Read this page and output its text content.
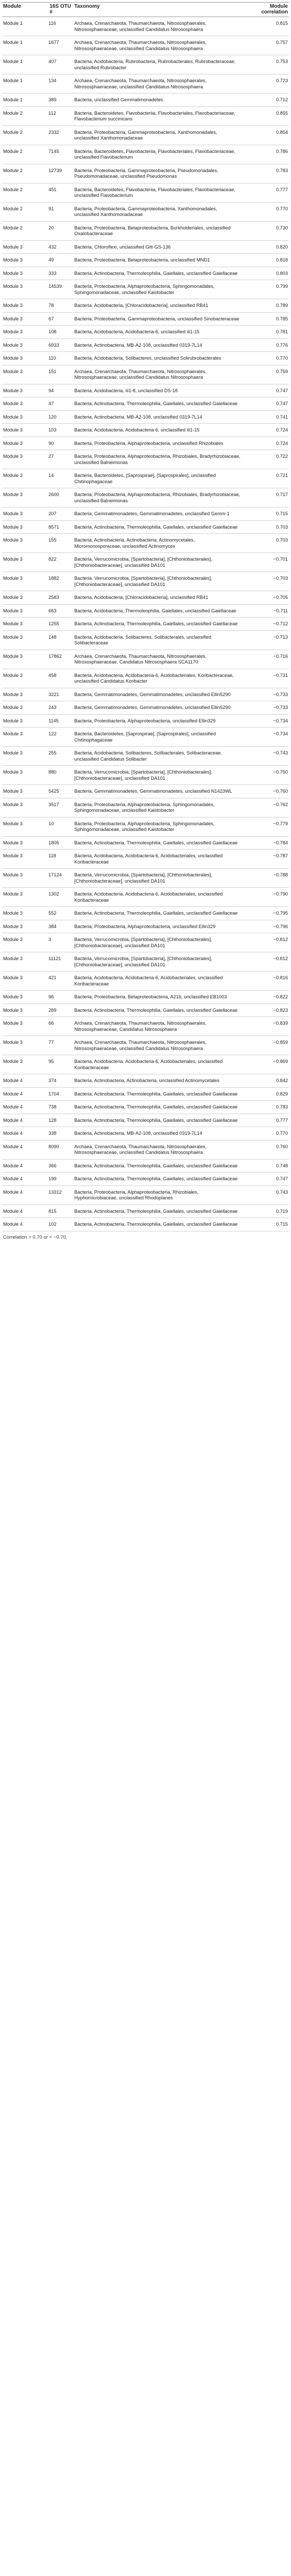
Module	16S OTU #	Taxonomy	Module correlation
Module 1	116	Archaea, Crenarchaeota, Thaumarchaeota, Nitrososphaerales, Nitrososphaeraceae, unclassified Candidatus Nitrososphaera	0.815
Module 1	1677	Archaea, Crenarchaeota, Thaumarchaeota, Nitrososphaerales, Nitrososphaeraceae, unclassified Candidatus Nitrososphaera	0.757
Module 1	407	Bacteria, Acidobacteria, Rubrobacteria, Rubrobacterales, Rubrobacteraceae, unclassified Rubrobacter	0.753
Module 1	134	Archaea, Crenarchaeota, Thaumarchaeota, Nitrososphaerales, Nitrososphaeraceae, unclassified Candidatus Nitrososphaera	0.723
Module 1	389	Bacteria, unclassified Gemmatimonadetes	0.712
Module 2	112	Bacteria, Bacteroidetes, Flavobacteriia, Flavobacteriales, Flavobacteriaceae, Flavobacterium succinicans	0.855
Module 2	2332	Bacteria, Proteobacteria, Gammaproteobacteria, Xanthomonadales, unclassified Xanthomonadaceae	0.854
Module 2	7145	Bacteria, Bacteroidetes, Flavobacteriia, Flavobacteriales, Flavobacteriaceae, unclassified Flavobacterium	0.786
Module 2	12739	Bacteria, Proteobacteria, Gammaproteobacteria, Pseudomonadales, Pseudomonadaceae, unclassified Pseudomonas	0.783
Module 2	451	Bacteria, Bacteroidetes, Flavobacteriia, Flavobacteriales, Flavobacteriaceae, unclassified Flavobacterium	0.777
Module 2	91	Bacteria, Proteobacteria, Gammaproteobacteria, Xanthomonadales, unclassified Xanthomonadaceae	0.770
Module 2	20	Bacteria, Proteobacteria, Betaproteobacteria, Burkholderiales, unclassified Oxalobacteraceae	0.730
Module 3	432	Bacteria, Chloroflexi, unclassified Gitt-GS-136	0.820
Module 3	49	Bacteria, Proteobacteria, Betaproteobacteria, unclassified MND1	0.818
Module 3	333	Bacteria, Actinobacteria, Thermoleophilia, Gaiellales, unclassified Gaiellaceae	0.803
Module 3	14539	Bacteria, Proteobacteria, Alphaproteobacteria, Sphingomonadales, Sphingomonadaceae, unclassified Kaistobacter	0.799
Module 3	78	Bacteria, Acidobacteria, [Chloracidobacteria], unclassified RB41	0.789
Module 3	67	Bacteria, Proteobacteria, Gammaproteobacteria, unclassified Sinobacteraceae	0.785
Module 3	108	Bacteria, Acidobacteria, Acidobacteria-6, unclassified iii1-15	0.781
Module 3	6933	Bacteria, Actinobacteria, MB-A2-108, unclassified 0319-7L14	0.776
Module 3	110	Bacteria, Acidobacteria, Solibacteres, unclassified Solirubrobacterales	0.770
Module 3	151	Archaea, Crenarchaeota, Thaumarchaeota, Nitrososphaerales, Nitrososphaeraceae, unclassified Candidatus Nitrososphaera	0.759
Module 3	94	Bacteria, Acidobacteria, iii1-8, unclassified DS-18	0.747
Module 3	47	Bacteria, Actinobacteria, Thermoleophilia, Gaiellales, unclassified Gaiellaceae	0.747
Module 3	120	Bacteria, Actinobacteria, MB-A2-108, unclassified 0319-7L14	0.741
Module 3	103	Bacteria, Acidobacteria, Acidobacteria-6, unclassified iii1-15	0.724
Module 3	90	Bacteria, Proteobacteria, Alphaproteobacteria, unclassified Rhizobiales	0.724
Module 3	27	Bacteria, Proteobacteria, Alphaproteobacteria, Rhizobiales, Bradyrhizobiaceae, unclassified Balneimonas	0.722
Module 3	14	Bacteria, Bacteroidetes, [Saprospirae], [Saprospirales], unclassified Chitinophagaceae	0.721
Module 3	2600	Bacteria, Proteobacteria, Alphaproteobacteria, Rhizobiales, Bradyrhizobiaceae, unclassified Balneimonas	0.717
Module 3	207	Bacteria, Gemmatimonadetes, Gemmatimonadetes, unclassified Gemm-1	0.715
Module 3	8571	Bacteria, Actinobacteria, Thermoleophilia, Gaiellales, unclassified Gaiellaceae	0.703
Module 3	155	Bacteria, Actinobacteria, Actinobacteria, Actinomycetales, Micromonosporaceae, unclassified Actinomyces	0.703
Module 3	822	Bacteria, Verrucomicrobia, [Spartobacteria], [Chthoniobacterales], [Chthoniobacteraceae], unclassified DA101	−0.701
Module 3	1882	Bacteria, Verrucomicrobia, [Spartobacteria], [Chthoniobacterales], [Chthoniobacteraceae], unclassified DA101	−0.703
Module 3	2583	Bacteria, Acidobacteria, [Chloracidobacteria], unclassified RB41	−0.705
Module 3	663	Bacteria, Acidobacteria, Thermoleophilia, Gaiellales, unclassified Gaiellaceae	−0.711
Module 3	1255	Bacteria, Actinobacteria, Thermoleophilia, Gaiellales, unclassified Gaiellaceae	−0.712
Module 3	148	Bacteria, Acidobacteria, Solibacteres, Solibacterales, unclassified Solibacteraceae	−0.713
Module 3	17862	Archaea, Crenarchaeota, Thaumarchaeota, Nitrososphaerales, Nitrososphaeraceae, Candidatus Nitrososphaera SCA1170	−0.716
Module 3	458	Bacteria, Acidobacteria, Acidobacteria-6, Acidobacteriales, Koribacteraceae, unclassified Candidatus Koribacter	−0.731
Module 3	3221	Bacteria, Gemmatimonadetes, Gemmatimonadetes, unclassified Ellin5290	−0.733
Module 3	243	Bacteria, Gemmatimonadetes, Gemmatimonadetes, unclassified Ellin5290	−0.733
Module 3	1145	Bacteria, Proteobacteria, Alphaproteobacteria, unclassified Ellin329	−0.734
Module 3	122	Bacteria, Bacteroidetes, [Saprospirae], [Saprospirales], unclassified Chitinophagaceae	−0.734
Module 3	255	Bacteria, Acidobacteria, Solibacteres, Solibacterales, Solibacteraceae, unclassified Candidatus Solibacter	−0.743
Module 3	880	Bacteria, Verrucomicrobia, [Spartobacteria], [Chthoniobacterales], [Chthoniobacteraceae], unclassified DA101	−0.750
Module 3	5425	Bacteria, Gemmatimonadetes, Gemmatimonadetes, unclassified N1423WL	−0.760
Module 3	3517	Bacteria, Proteobacteria, Alphaproteobacteria, Sphingomonadales, Sphingomonadaceae, unclassified Kaistobacter	−0.762
Module 3	10	Bacteria, Proteobacteria, Alphaproteobacteria, Sphingomonadales, Sphingomonadaceae, unclassified Kaistobacter	−0.779
Module 3	1805	Bacteria, Actinobacteria, Thermoleophilia, Gaiellales, unclassified Gaiellaceae	−0.784
Module 3	118	Bacteria, Acidobacteria, Acidobacteria-6, Acidobacteriales, unclassified Koribacteraceae	−0.787
Module 3	17124	Bacteria, Verrucomicrobia, [Spartobacteria], [Chthoniobacterales], [Chthoniobacteraceae], unclassified DA101	−0.788
Module 3	1302	Bacteria, Acidobacteria, Acidobacteria-6, Acidobacteriales, unclassified Koribacteraceae	−0.790
Module 3	552	Bacteria, Actinobacteria, Thermoleophilia, Gaiellales, unclassified Gaiellaceae	−0.795
Module 3	384	Bacteria, Proteobacteria, Alphaproteobacteria, unclassified Ellin329	−0.796
Module 3	3	Bacteria, Verrucomicrobia, [Spartobacteria], [Chthoniobacterales], [Chthoniobacteraceae], unclassified DA101	−0.812
Module 3	11121	Bacteria, Verrucomicrobia, [Spartobacteria], [Chthoniobacterales], [Chthoniobacteraceae], unclassified DA101	−0.812
Module 3	421	Bacteria, Acidobacteria, Acidobacteria-6, Acidobacteriales, unclassified Koribacteraceae	−0.816
Module 3	96	Bacteria, Proteobacteria, Betaproteobacteria, A21b, unclassified EB1003	−0.822
Module 3	289	Bacteria, Actinobacteria, Thermoleophilia, Gaiellales, unclassified Gaiellaceae	−0.823
Module 3	66	Archaea, Crenarchaeota, Thaumarchaeota, Nitrososphaerales, Nitrososphaeraceae, Candidatus Nitrososphaera	−0.839
Module 3	77	Archaea, Crenarchaeota, Thaumarchaeota, Nitrososphaerales, Nitrososphaeraceae, unclassified Candidatus Nitrososphaera	−0.859
Module 3	95	Bacteria, Acidobacteria, Acidobacteria-6, Acidobacteriales, unclassified Koribacteraceae	−0.869
Module 4	374	Bacteria, Actinobacteria, Actinobacteria, unclassified Actinomycetales	0.842
Module 4	1704	Bacteria, Actinobacteria, Thermoleophilia, Gaiellales, unclassified Gaiellaceae	0.829
Module 4	738	Bacteria, Actinobacteria, Thermoleophilia, Gaiellales, unclassified Gaiellaceae	0.783
Module 4	128	Bacteria, Actinobacteria, Thermoleophilia, Gaiellales, unclassified Gaiellaceae	0.777
Module 4	338	Bacteria, Actinobacteria, MB-A2-108, unclassified 0319-7L14	0.770
Module 4	8090	Archaea, Crenarchaeota, Thaumarchaeota, Nitrososphaerales, Nitrososphaeraceae, unclassified Candidatus Nitrososphaera	0.760
Module 4	366	Bacteria, Actinobacteria, Thermoleophilia, Gaiellales, unclassified Gaiellaceae	0.748
Module 4	199	Bacteria, Actinobacteria, Thermoleophilia, Gaiellales, unclassified Gaiellaceae	0.747
Module 4	13312	Bacteria, Proteobacteria, Alphaproteobacteria, Rhizobiales, Hyphomicrobiaceae, unclassified Rhodoplanes	0.743
Module 4	815	Bacteria, Actinobacteria, Thermoleophilia, Gaiellales, unclassified Gaiellaceae	0.719
Module 4	102	Bacteria, Actinobacteria, Thermoleophilia, Gaiellales, unclassified Gaiellaceae	0.715
Correlation > 0.70 or < −0.70.
